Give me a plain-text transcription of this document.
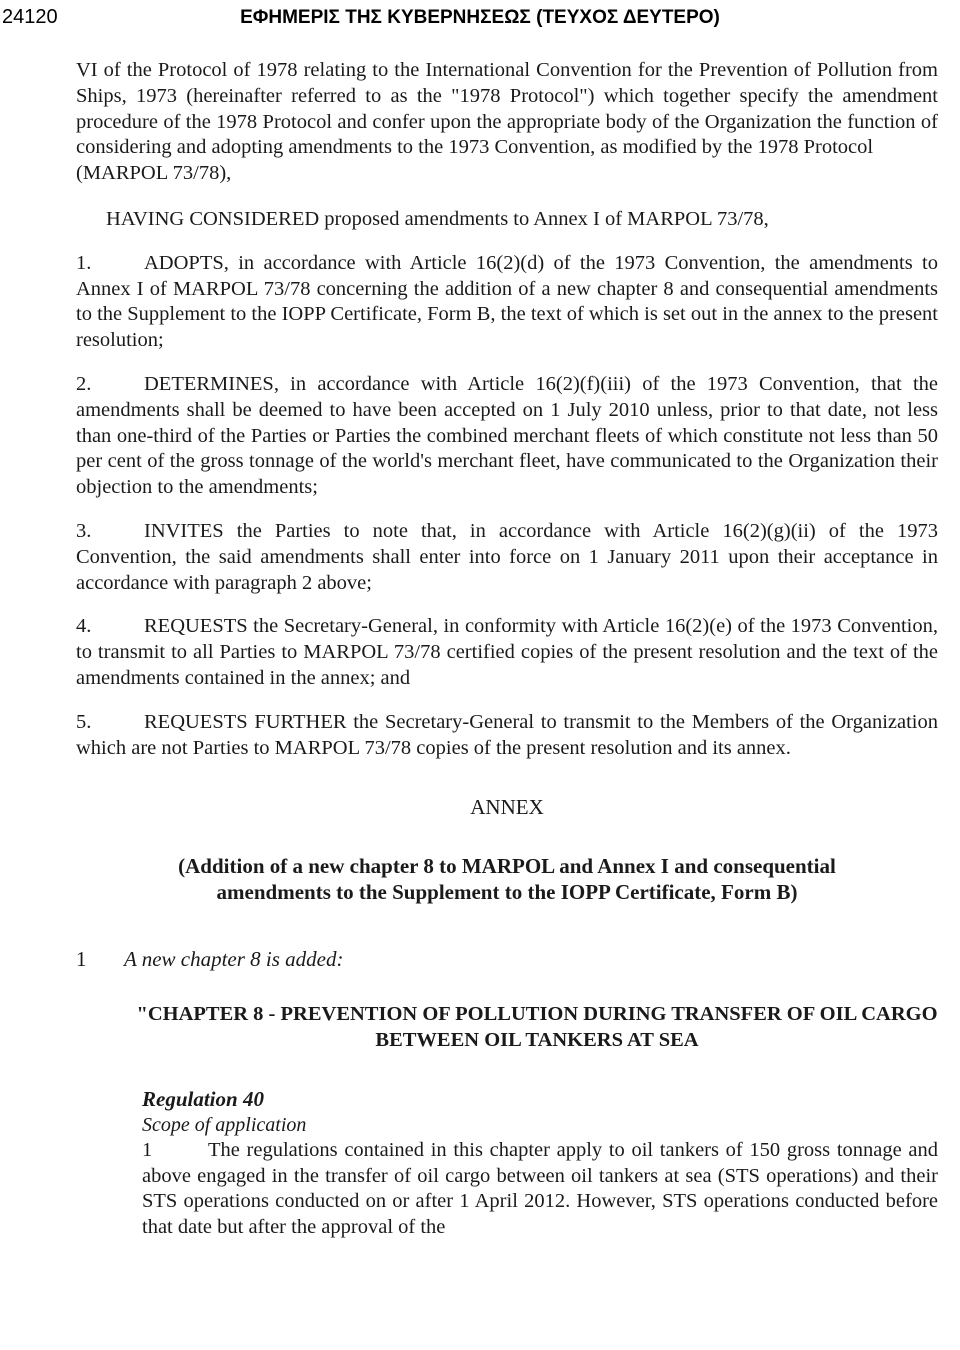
24120	ΕΦΗΜΕΡΙΣ ΤΗΣ ΚΥΒΕΡΝΗΣΕΩΣ (ΤΕΥΧΟΣ ΔΕΥΤΕΡΟ)

VI of the Protocol of 1978 relating to the International Convention for the Prevention of Pollution from Ships, 1973 (hereinafter referred to as the "1978 Protocol") which together specify the amendment procedure of the 1978 Protocol and confer upon the appropriate body of the Organization the function of considering and adopting amendments to the 1973 Convention, as modified by the 1978 Protocol

(MARPOL 73/78),

HAVING CONSIDERED proposed amendments to Annex I of MARPOL 73/78,

1.	ADOPTS, in accordance with Article 16(2)(d) of the 1973 Convention, the amendments to Annex I of MARPOL 73/78 concerning the addition of a new chapter 8 and consequential amendments to the Supplement to the IOPP Certificate, Form B, the text of which is set out in the annex to the present resolution;

2.	DETERMINES, in accordance with Article 16(2)(f)(iii) of the 1973 Convention, that the amendments shall be deemed to have been accepted on 1 July 2010 unless, prior to that date, not less than one-third of the Parties or Parties the combined merchant fleets of which constitute not less than 50 per cent of the gross tonnage of the world's merchant fleet, have communicated to the Organization their objection to the amendments;

3.	INVITES the Parties to note that, in accordance with Article 16(2)(g)(ii) of the 1973 Convention, the said amendments shall enter into force on 1 January 2011 upon their acceptance in accordance with paragraph 2 above;

4.	REQUESTS the Secretary-General, in conformity with Article 16(2)(e) of the 1973 Convention, to transmit to all Parties to MARPOL 73/78 certified copies of the present resolution and the text of the amendments contained in the annex; and

5.	REQUESTS FURTHER the Secretary-General to transmit to the Members of the Organization which are not Parties to MARPOL 73/78 copies of the present resolution and its annex.

ANNEX

(Addition of a new chapter 8 to MARPOL and Annex I and consequential amendments to the Supplement to the IOPP Certificate, Form B)

1 A new chapter 8 is added:

"CHAPTER 8 - PREVENTION OF POLLUTION DURING TRANSFER OF OIL CARGO BETWEEN OIL TANKERS AT SEA

Regulation 40

Scope of application

1	The regulations contained in this chapter apply to oil tankers of 150 gross tonnage and above engaged in the transfer of oil cargo between oil tankers at sea (STS operations) and their STS operations conducted on or after 1 April 2012. However, STS operations conducted before that date but after the approval of the
